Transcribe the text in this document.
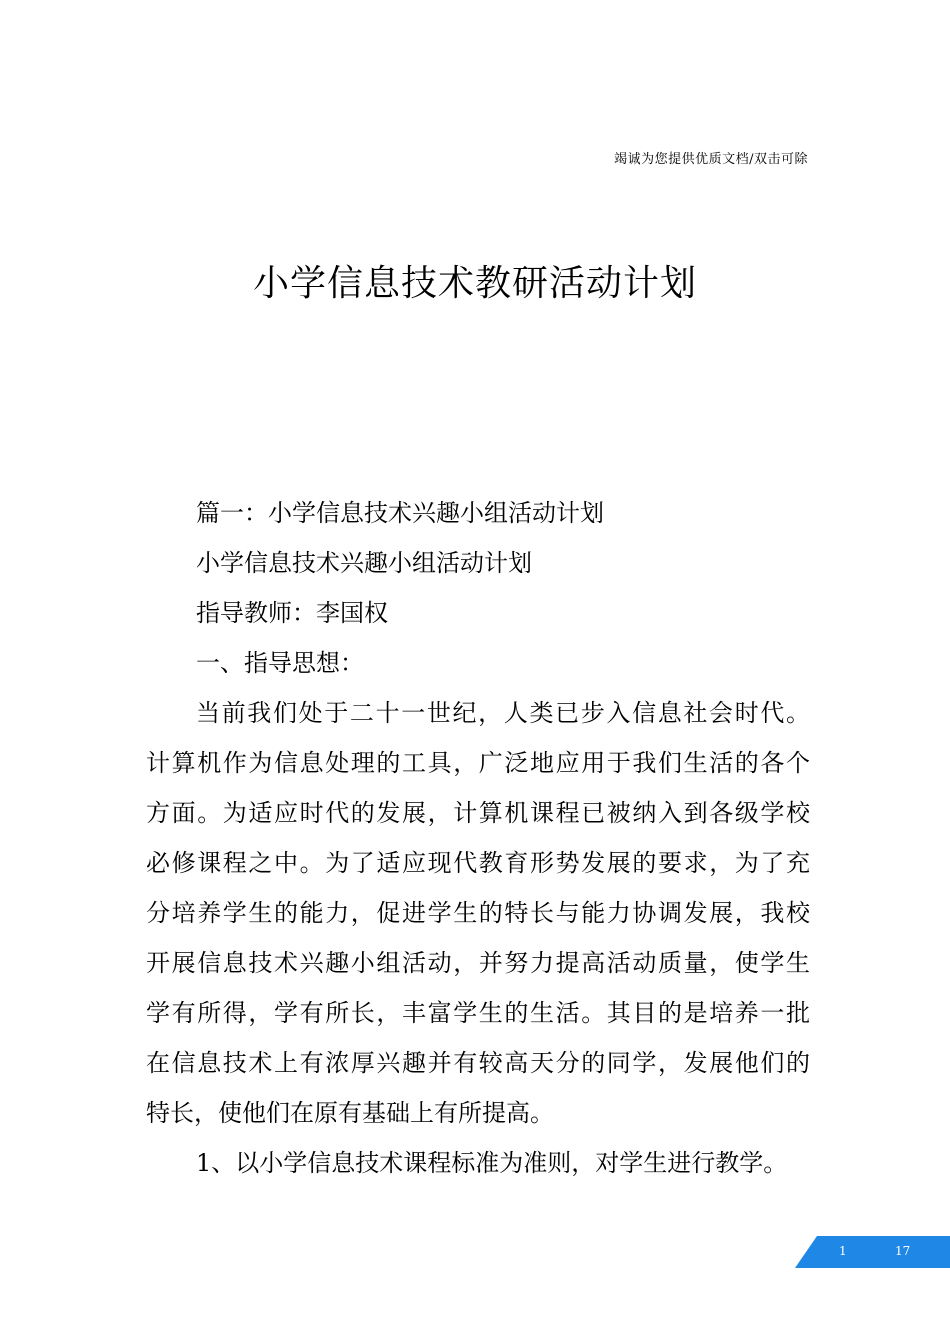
竭诚为您提供优质文档/双击可除
小学信息技术教研活动计划
篇一：小学信息技术兴趣小组活动计划
小学信息技术兴趣小组活动计划
指导教师：李国权
一、指导思想：
当前我们处于二十一世纪，人类已步入信息社会时代。
计算机作为信息处理的工具，广泛地应用于我们生活的各个
方面。为适应时代的发展，计算机课程已被纳入到各级学校
必修课程之中。为了适应现代教育形势发展的要求，为了充
分培养学生的能力，促进学生的特长与能力协调发展，我校
开展信息技术兴趣小组活动，并努力提高活动质量，使学生
学有所得，学有所长，丰富学生的生活。其目的是培养一批
在信息技术上有浓厚兴趣并有较高天分的同学，发展他们的
特长，使他们在原有基础上有所提高。
1、以小学信息技术课程标准为准则，对学生进行教学。
1	17
